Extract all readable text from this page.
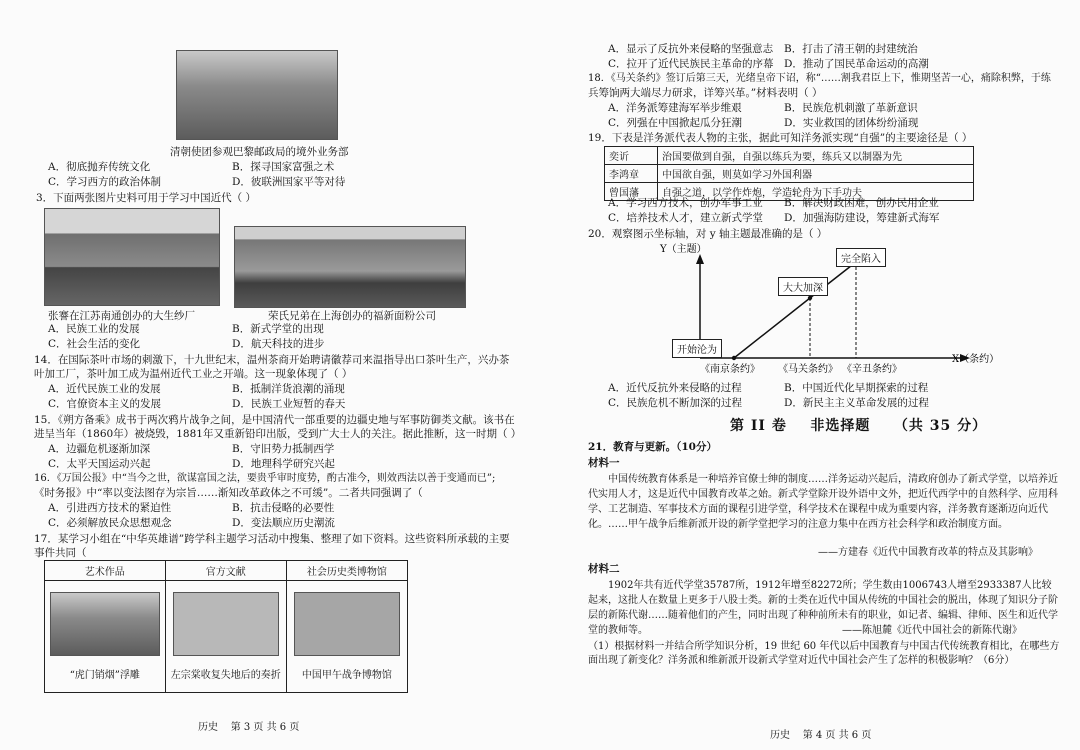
清朝使团参观巴黎邮政局的境外业务部
A．彻底抛弃传统文化	B．探寻国家富强之术
C．学习西方的政治体制	D．彼联洲国家平等对待
3．下面两张图片史料可用于学习中国近代（ ）
张謇在江苏南通创办的大生纱厂	荣氏兄弟在上海创办的福新面粉公司
A．民族工业的发展	B．新式学堂的出现
C．社会生活的变化	D．航天科技的进步
14．在国际茶叶市场的刺激下，十九世纪末，温州茶商开始聘请徽荐司来温指导出口茶叶生产，兴办茶
叶加工厂，茶叶加工成为温州近代工业之开端。这一现象体现了（ ）
A．近代民族工业的发展	B．抵制洋货浪潮的涌现
C．官僚资本主义的发展	D．民族工业短暂的春天
15．《朔方备乘》成书于两次鸦片战争之间，是中国清代一部重要的边疆史地与军事防御类文献。该书在
进呈当年（1860年）被烧毁，1881年又重新铅印出版，受到广大士人的关注。据此推断，这一时期（ ）
A．边疆危机逐渐加深	B．守旧势力抵制西学
C．太平天国运动兴起	D．地理科学研究兴起
16．《万国公报》中“当今之世，欲谋富国之法，要贵乎审时度势，酌古准今，则效西法以善于变通而已”;
《时务报》中“率以变法图存为宗旨……渐知改革政体之不可缓”。二者共同强调了（
A．引进西方技术的紧迫性	B．抗击侵略的必要性
C．必须解放民众思想观念	D．变法顺应历史潮流
17．某学习小组在“中华英雄谱”跨学科主题学习活动中搜集、整理了如下资料。这些资料所承载的主要
事件共同（
艺术作品	官方文献	社会历史类博物馆

“虎门销烟”浮雕	左宗棠收复失地后的奏折	中国甲午战争博物馆
历史    第 3 页 共 6 页
A．显示了反抗外来侵略的坚强意志 B．打击了清王朝的封建统治
C．拉开了近代民族民主革命的序幕 D．推动了国民革命运动的高潮
18．《马关条约》签订后第三天，光绪皇帝下诏，称“……割我君臣上下，惟期坚苦一心，痛除积弊，于练
兵筹饷两大端尽力研求，详筹兴革。”材料表明（ ）
A．洋务派筹建海军举步维艰	B．民族危机刺激了革新意识
C．列强在中国掀起瓜分狂潮	D．实业救国的团体纷纷涌现
19．下表是洋务派代表人物的主张，据此可知洋务派实现“自强”的主要途径是（ ）
奕䜣	治国要做到自强，自强以练兵为要，练兵又以制器为先
李鸿章	中国欲自强，则莫如学习外国利器
曾国藩	自强之道，以学作炸炮，学造轮舟为下手功夫
A．学习西方技术，创办军事工业 B．解决财政困难，创办民用企业
C．培养技术人才，建立新式学堂 D．加强海防建设，筹建新式海军
20．观察图示坐标轴，对 y 轴主题最准确的是（ ）
Y（主题）
X（条约）
《南京条约》 《马关条约》 《辛丑条约》
开始沦为
大大加深
完全陷入
A．近代反抗外来侵略的过程	B．中国近代化早期探索的过程
C．民族危机不断加深的过程	D．新民主主义革命发展的过程
第 II 卷    非选择题    （共 35 分）
21．教育与更新。（10分）
材料一
中国传统教育体系是一种培养官僚士绅的制度……洋务运动兴起后，清政府创办了新式学堂，以培养近代实用人才，这是近代中国教育改革之始。新式学堂除开设外语中文外，把近代西学中的自然科学、应用科学、工艺制造、军事技术方面的课程引进学堂，科学技术在课程中成为重要内容，洋务教育逐渐迈向近代化。……甲午战争后维新派开设的新学堂把学习的注意力集中在西方社会科学和政治制度方面。
——方建春《近代中国教育改革的特点及其影响》
材料二
1902年共有近代学堂35787所，1912年增至82272所；学生数由1006743人增至2933387人比较起来，这批人在数量上更多于八股士类。新的士类在近代中国从传统的中国社会的脱出，体现了知识分子阶层的新陈代谢……随着他们的产生，同时出现了种种前所未有的职业，如记者、编辑、律师、医生和近代学堂的教师等。	——陈旭麓《近代中国社会的新陈代谢》
（1）根据材料一并结合所学知识分析，19 世纪 60 年代以后中国教育与中国古代传统教育相比，在哪些方
面出现了新变化？洋务派和维新派开设新式学堂对近代中国社会产生了怎样的积极影响？（6分）
历史    第 4 页 共 6 页
